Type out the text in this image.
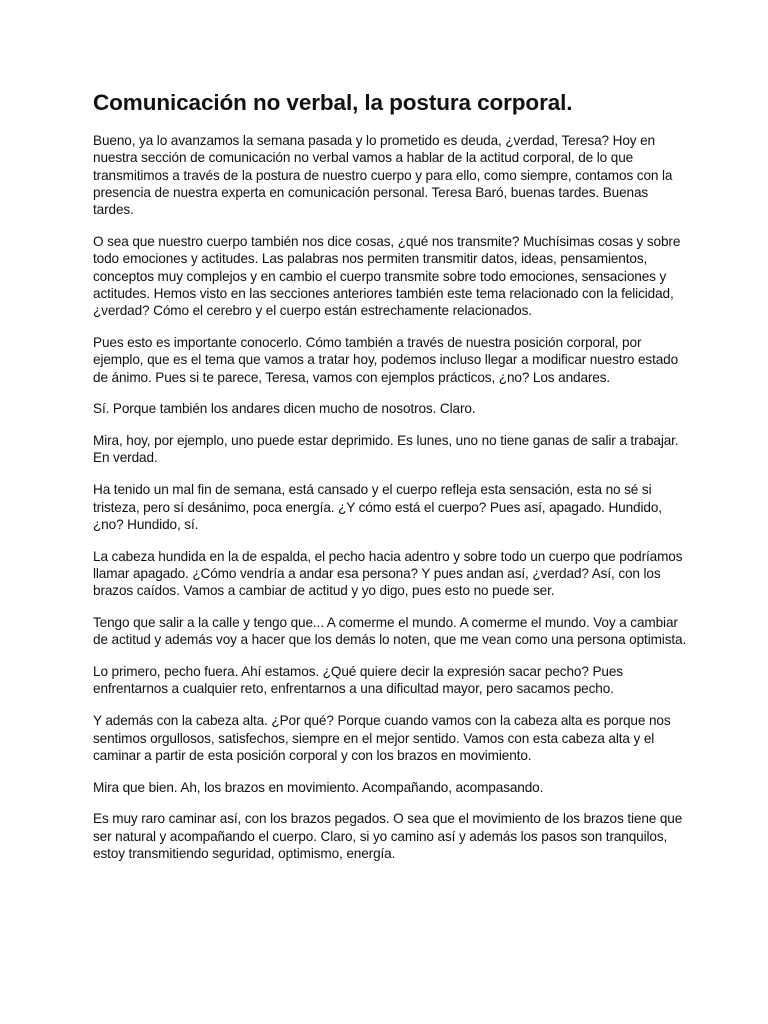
Comunicación no verbal, la postura corporal.

Bueno, ya lo avanzamos la semana pasada y lo prometido es deuda, ¿verdad, Teresa? Hoy en nuestra sección de comunicación no verbal vamos a hablar de la actitud corporal, de lo que transmitimos a través de la postura de nuestro cuerpo y para ello, como siempre, contamos con la presencia de nuestra experta en comunicación personal. Teresa Baró, buenas tardes. Buenas tardes.

O sea que nuestro cuerpo también nos dice cosas, ¿qué nos transmite? Muchísimas cosas y sobre todo emociones y actitudes. Las palabras nos permiten transmitir datos, ideas, pensamientos, conceptos muy complejos y en cambio el cuerpo transmite sobre todo emociones, sensaciones y actitudes. Hemos visto en las secciones anteriores también este tema relacionado con la felicidad, ¿verdad? Cómo el cerebro y el cuerpo están estrechamente relacionados.

Pues esto es importante conocerlo. Cómo también a través de nuestra posición corporal, por ejemplo, que es el tema que vamos a tratar hoy, podemos incluso llegar a modificar nuestro estado de ánimo. Pues si te parece, Teresa, vamos con ejemplos prácticos, ¿no? Los andares.

Sí. Porque también los andares dicen mucho de nosotros. Claro.

Mira, hoy, por ejemplo, uno puede estar deprimido. Es lunes, uno no tiene ganas de salir a trabajar. En verdad.

Ha tenido un mal fin de semana, está cansado y el cuerpo refleja esta sensación, esta no sé si tristeza, pero sí desánimo, poca energía. ¿Y cómo está el cuerpo? Pues así, apagado. Hundido, ¿no? Hundido, sí.

La cabeza hundida en la de espalda, el pecho hacia adentro y sobre todo un cuerpo que podríamos llamar apagado. ¿Cómo vendría a andar esa persona? Y pues andan así, ¿verdad? Así, con los brazos caídos. Vamos a cambiar de actitud y yo digo, pues esto no puede ser.

Tengo que salir a la calle y tengo que... A comerme el mundo. A comerme el mundo. Voy a cambiar de actitud y además voy a hacer que los demás lo noten, que me vean como una persona optimista.

Lo primero, pecho fuera. Ahí estamos. ¿Qué quiere decir la expresión sacar pecho? Pues enfrentarnos a cualquier reto, enfrentarnos a una dificultad mayor, pero sacamos pecho.

Y además con la cabeza alta. ¿Por qué? Porque cuando vamos con la cabeza alta es porque nos sentimos orgullosos, satisfechos, siempre en el mejor sentido. Vamos con esta cabeza alta y el caminar a partir de esta posición corporal y con los brazos en movimiento.

Mira que bien. Ah, los brazos en movimiento. Acompañando, acompasando.

Es muy raro caminar así, con los brazos pegados. O sea que el movimiento de los brazos tiene que ser natural y acompañando el cuerpo. Claro, si yo camino así y además los pasos son tranquilos, estoy transmitiendo seguridad, optimismo, energía.
